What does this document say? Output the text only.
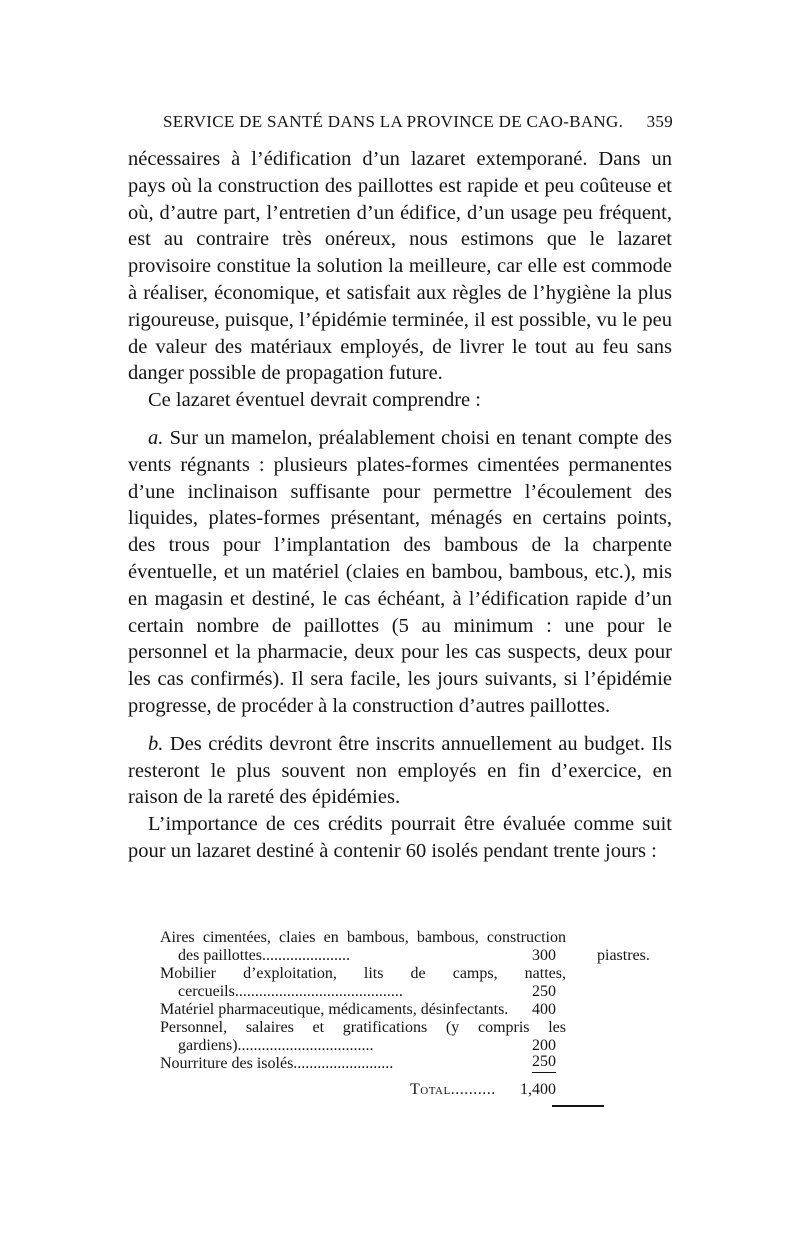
SERVICE DE SANTÉ DANS LA PROVINCE DE CAO-BANG. 359

nécessaires à l’édification d’un lazaret extemporané. Dans un pays où la construction des paillottes est rapide et peu coûteuse et où, d’autre part, l’entretien d’un édifice, d’un usage peu fréquent, est au contraire très onéreux, nous estimons que le lazaret provisoire constitue la solution la meilleure, car elle est commode à réaliser, économique, et satisfait aux règles de l’hygiène la plus rigoureuse, puisque, l’épidémie terminée, il est possible, vu le peu de valeur des matériaux employés, de livrer le tout au feu sans danger possible de propagation future.

Ce lazaret éventuel devrait comprendre :

a. Sur un mamelon, préalablement choisi en tenant compte des vents régnants : plusieurs plates-formes cimentées permanentes d’une inclinaison suffisante pour permettre l’écoulement des liquides, plates-formes présentant, ménagés en certains points, des trous pour l’implantation des bambous de la charpente éventuelle, et un matériel (claies en bambou, bambous, etc.), mis en magasin et destiné, le cas échéant, à l’édification rapide d’un certain nombre de paillottes (5 au minimum : une pour le personnel et la pharmacie, deux pour les cas suspects, deux pour les cas confirmés). Il sera facile, les jours suivants, si l’épidémie progresse, de procéder à la construction d’autres paillottes.

b. Des crédits devront être inscrits annuellement au budget. Ils resteront le plus souvent non employés en fin d’exercice, en raison de la rareté des épidémies.

L’importance de ces crédits pourrait être évaluée comme suit pour un lazaret destiné à contenir 60 isolés pendant trente jours :

Aires cimentées, claies en bambous, bambous, construction des paillottes......................	300	piastres.
Mobilier d’exploitation, lits de camps, nattes, cercueils..........................................	250
Matériel pharmaceutique, médicaments, désinfectants.	400
Personnel, salaires et gratifications (y compris les gardiens)..................................	200
Nourriture des isolés.........................	250
Total.......... 1,400
